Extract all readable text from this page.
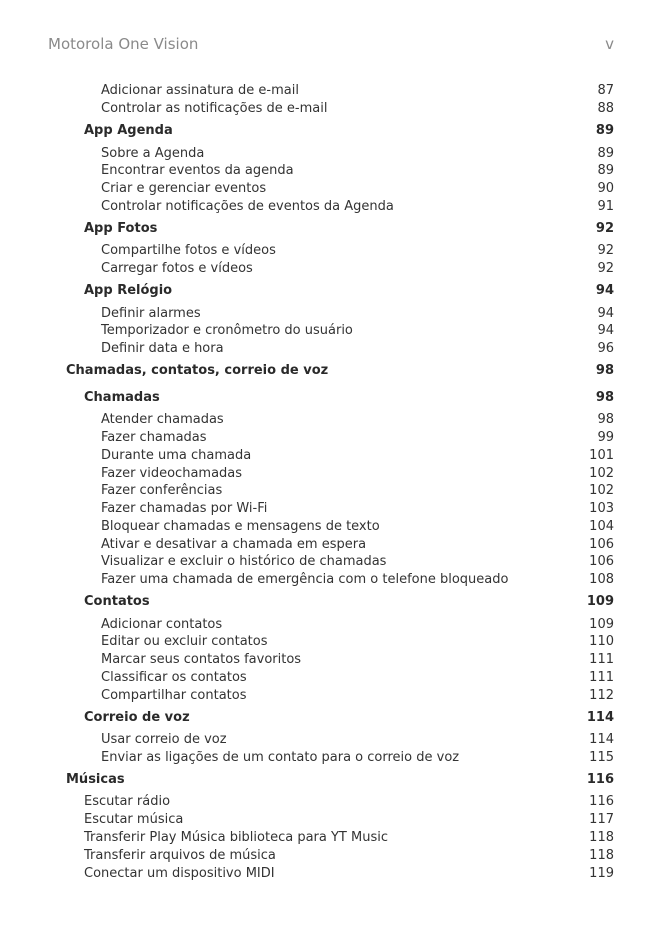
Motorola One Vision	v
Adicionar assinatura de e-mail	87
Controlar as notificações de e-mail	88
App Agenda	89
Sobre a Agenda	89
Encontrar eventos da agenda	89
Criar e gerenciar eventos	90
Controlar notificações de eventos da Agenda	91
App Fotos	92
Compartilhe fotos e vídeos	92
Carregar fotos e vídeos	92
App Relógio	94
Definir alarmes	94
Temporizador e cronômetro do usuário	94
Definir data e hora	96
Chamadas, contatos, correio de voz	98
Chamadas	98
Atender chamadas	98
Fazer chamadas	99
Durante uma chamada	101
Fazer videochamadas	102
Fazer conferências	102
Fazer chamadas por Wi-Fi	103
Bloquear chamadas e mensagens de texto	104
Ativar e desativar a chamada em espera	106
Visualizar e excluir o histórico de chamadas	106
Fazer uma chamada de emergência com o telefone bloqueado	108
Contatos	109
Adicionar contatos	109
Editar ou excluir contatos	110
Marcar seus contatos favoritos	111
Classificar os contatos	111
Compartilhar contatos	112
Correio de voz	114
Usar correio de voz	114
Enviar as ligações de um contato para o correio de voz	115
Músicas	116
Escutar rádio	116
Escutar música	117
Transferir Play Música biblioteca para YT Music	118
Transferir arquivos de música	118
Conectar um dispositivo MIDI	119
